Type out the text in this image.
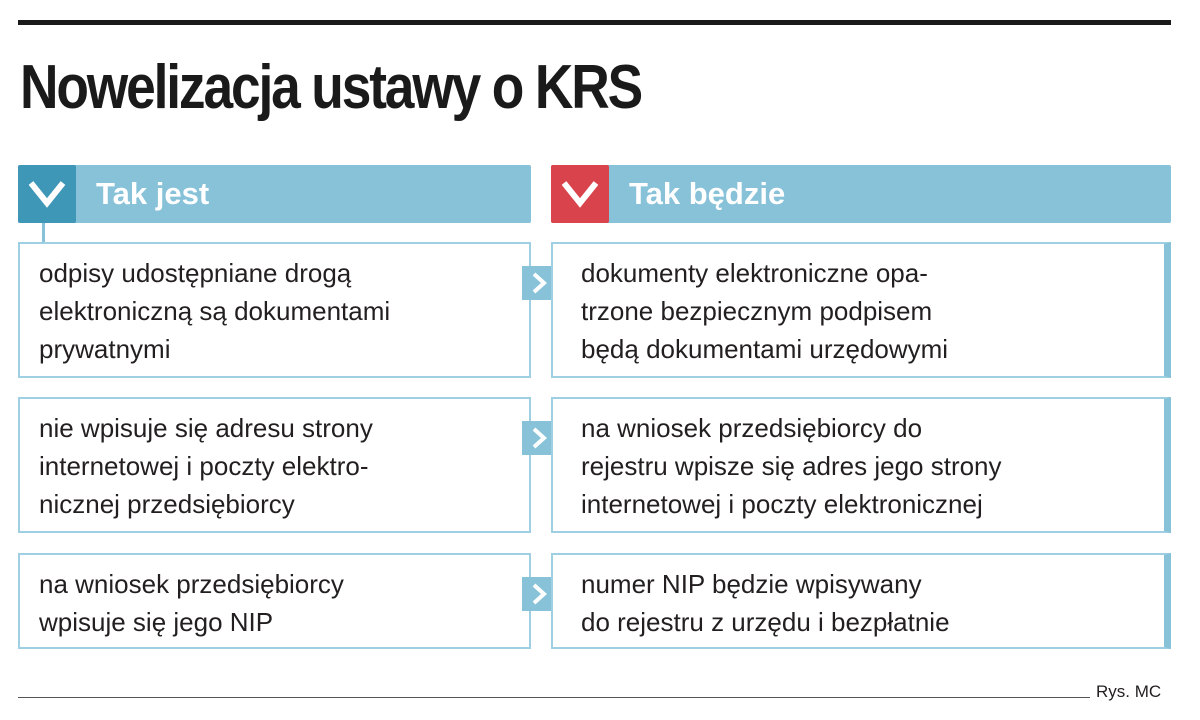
Nowelizacja ustawy o KRS
Tak jest	Tak będzie
odpisy udostępniane drogą
elektroniczną są dokumentami
prywatnymi
dokumenty elektroniczne opa-
trzone bezpiecznym podpisem
będą dokumentami urzędowymi
nie wpisuje się adresu strony
internetowej i poczty elektro-
nicznej przedsiębiorcy
na wniosek przedsiębiorcy do
rejestru wpisze się adres jego strony
internetowej i poczty elektronicznej
na wniosek przedsiębiorcy
wpisuje się jego NIP
numer NIP będzie wpisywany
do rejestru z urzędu i bezpłatnie
Rys. MC
